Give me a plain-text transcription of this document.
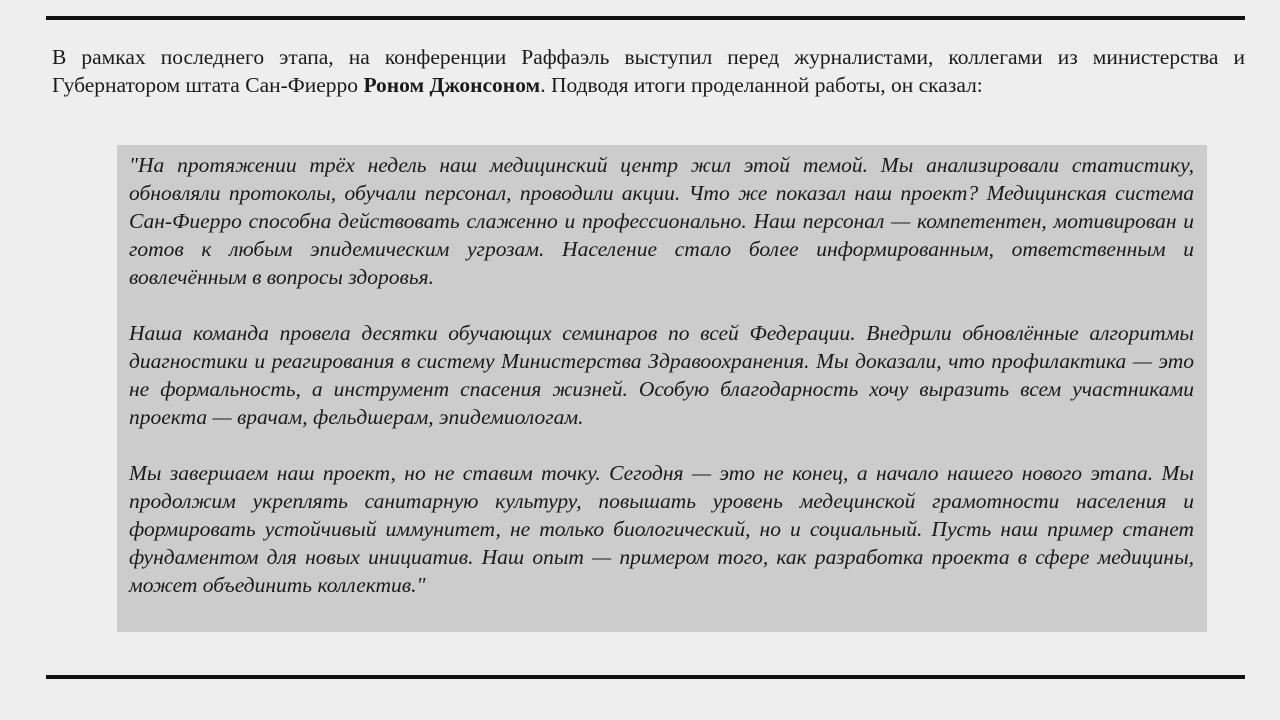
В рамках последнего этапа, на конференции Раффаэль выступил перед журналистами, коллегами из министерства и Губернатором штата Сан-Фиерро Роном Джонсоном. Подводя итоги проделанной работы, он сказал:

"На протяжении трёх недель наш медицинский центр жил этой темой. Мы анализировали статистику, обновляли протоколы, обучали персонал, проводили акции. Что же показал наш проект? Медицинская система Сан-Фиерро способна действовать слаженно и профессионально. Наш персонал — компетентен, мотивирован и готов к любым эпидемическим угрозам. Население стало более информированным, ответственным и вовлечённым в вопросы здоровья.

Наша команда провела десятки обучающих семинаров по всей Федерации. Внедрили обновлённые алгоритмы диагностики и реагирования в систему Министерства Здравоохранения. Мы доказали, что профилактика — это не формальность, а инструмент спасения жизней. Особую благодарность хочу выразить всем участниками проекта — врачам, фельдшерам, эпидемиологам.

Мы завершаем наш проект, но не ставим точку. Сегодня — это не конец, а начало нашего нового этапа. Мы продолжим укреплять санитарную культуру, повышать уровень медецинской грамотности населения и формировать устойчивый иммунитет, не только биологический, но и социальный. Пусть наш пример станет фундаментом для новых инициатив. Наш опыт — примером того, как разработка проекта в сфере медицины, может объединить коллектив."
